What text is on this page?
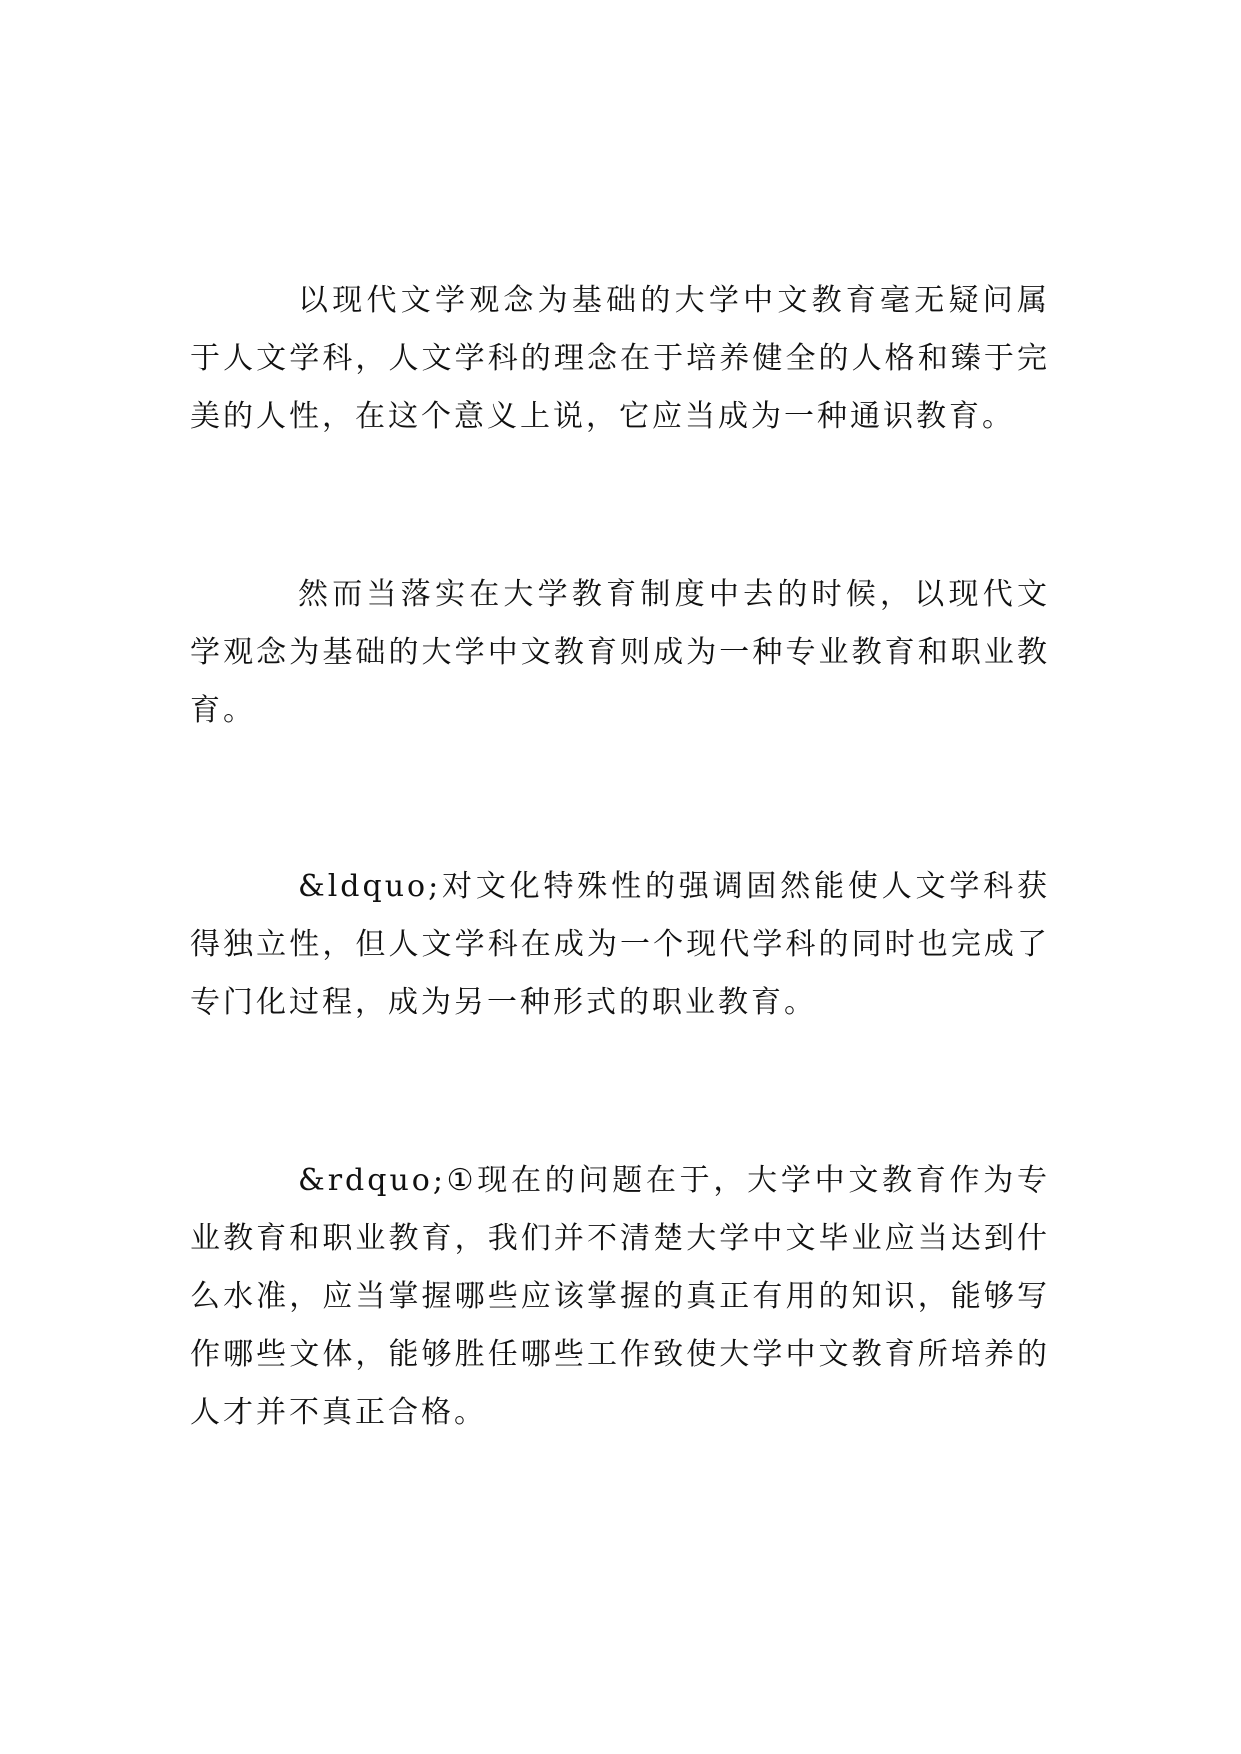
以现代文学观念为基础的大学中文教育毫无疑问属于人文学科，人文学科的理念在于培养健全的人格和臻于完美的人性，在这个意义上说，它应当成为一种通识教育。

然而当落实在大学教育制度中去的时候，以现代文学观念为基础的大学中文教育则成为一种专业教育和职业教育。

&ldquo;对文化特殊性的强调固然能使人文学科获得独立性，但人文学科在成为一个现代学科的同时也完成了专门化过程，成为另一种形式的职业教育。

&rdquo;①现在的问题在于，大学中文教育作为专业教育和职业教育，我们并不清楚大学中文毕业应当达到什么水准，应当掌握哪些应该掌握的真正有用的知识，能够写作哪些文体，能够胜任哪些工作致使大学中文教育所培养的人才并不真正合格。
